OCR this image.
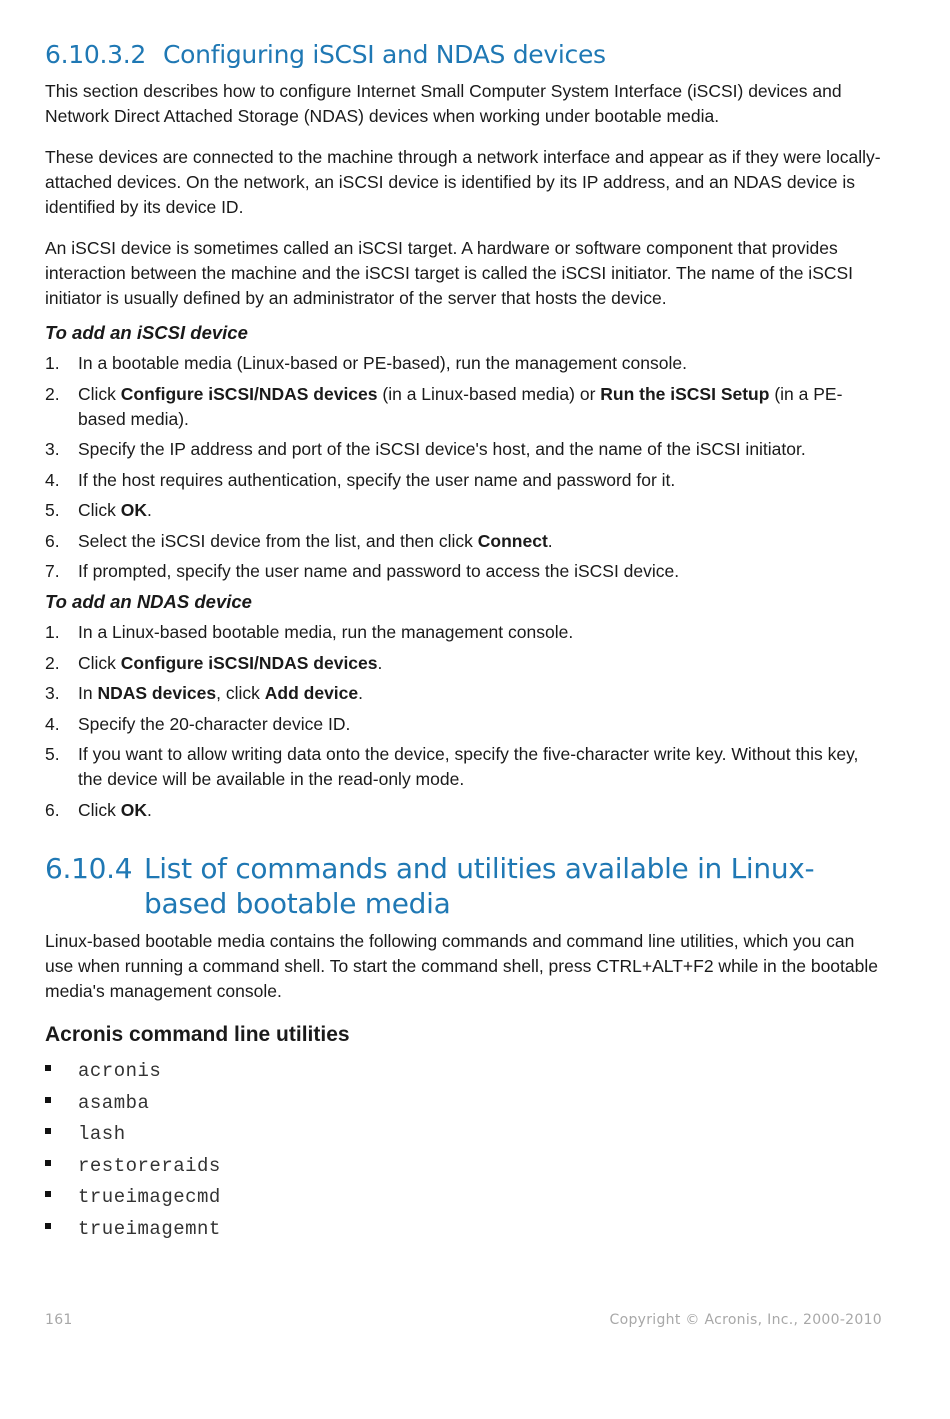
6.10.3.2 Configuring iSCSI and NDAS devices

This section describes how to configure Internet Small Computer System Interface (iSCSI) devices and Network Direct Attached Storage (NDAS) devices when working under bootable media.

These devices are connected to the machine through a network interface and appear as if they were locally-attached devices. On the network, an iSCSI device is identified by its IP address, and an NDAS device is identified by its device ID.

An iSCSI device is sometimes called an iSCSI target. A hardware or software component that provides interaction between the machine and the iSCSI target is called the iSCSI initiator. The name of the iSCSI initiator is usually defined by an administrator of the server that hosts the device.

To add an iSCSI device
1.	In a bootable media (Linux-based or PE-based), run the management console.
2.	Click Configure iSCSI/NDAS devices (in a Linux-based media) or Run the iSCSI Setup (in a PE-based media).
3.	Specify the IP address and port of the iSCSI device's host, and the name of the iSCSI initiator.
4.	If the host requires authentication, specify the user name and password for it.
5.	Click OK.
6.	Select the iSCSI device from the list, and then click Connect.
7.	If prompted, specify the user name and password to access the iSCSI device.
To add an NDAS device
1.	In a Linux-based bootable media, run the management console.
2.	Click Configure iSCSI/NDAS devices.
3.	In NDAS devices, click Add device.
4.	Specify the 20-character device ID.
5.	If you want to allow writing data onto the device, specify the five-character write key. Without this key, the device will be available in the read-only mode.
6.	Click OK.
6.10.4 List of commands and utilities available in Linux-based bootable media

Linux-based bootable media contains the following commands and command line utilities, which you can use when running a command shell. To start the command shell, press CTRL+ALT+F2 while in the bootable media's management console.

Acronis command line utilities
acronis
asamba
lash
restoreraids
trueimagecmd
trueimagemnt
161	Copyright © Acronis, Inc., 2000-2010
